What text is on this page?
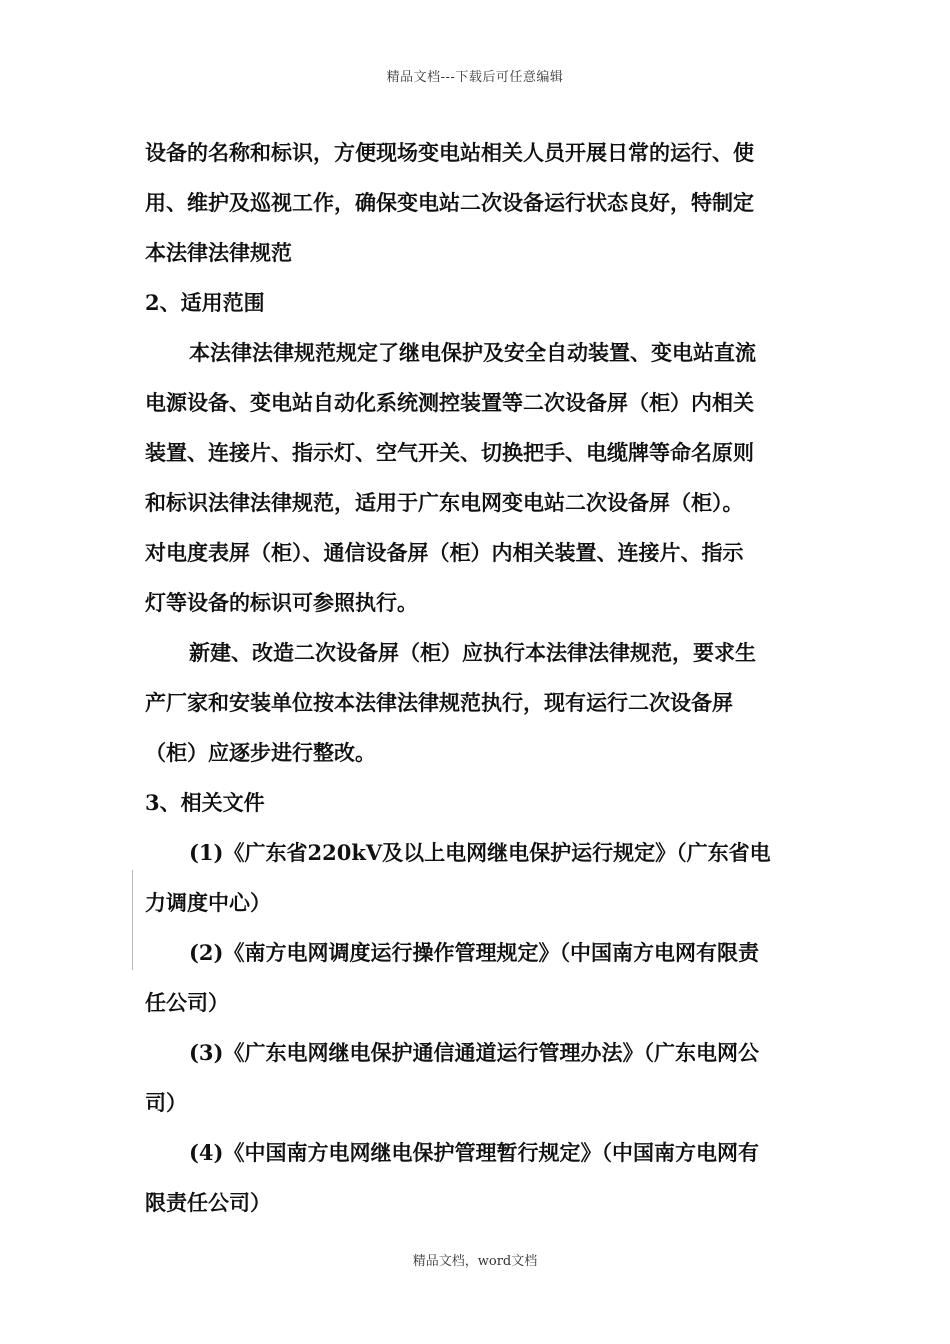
精品文档---下载后可任意编辑
设备的名称和标识，方便现场变电站相关人员开展日常的运行、使
用、维护及巡视工作，确保变电站二次设备运行状态良好，特制定
本法律法律规范
2、适用范围
本法律法律规范规定了继电保护及安全自动装置、变电站直流
电源设备、变电站自动化系统测控装置等二次设备屏（柜）内相关
装置、连接片、指示灯、空气开关、切换把手、电缆牌等命名原则
和标识法律法律规范，适用于广东电网变电站二次设备屏（柜）。
对电度表屏（柜）、通信设备屏（柜）内相关装置、连接片、指示
灯等设备的标识可参照执行。
新建、改造二次设备屏（柜）应执行本法律法律规范，要求生
产厂家和安装单位按本法律法律规范执行，现有运行二次设备屏
（柜）应逐步进行整改。
3、相关文件
(1)《广东省220kV及以上电网继电保护运行规定》（广东省电
力调度中心）
(2)《南方电网调度运行操作管理规定》（中国南方电网有限责
任公司）
(3)《广东电网继电保护通信通道运行管理办法》（广东电网公
司）
(4)《中国南方电网继电保护管理暂行规定》（中国南方电网有
限责任公司）
精品文档，word文档
